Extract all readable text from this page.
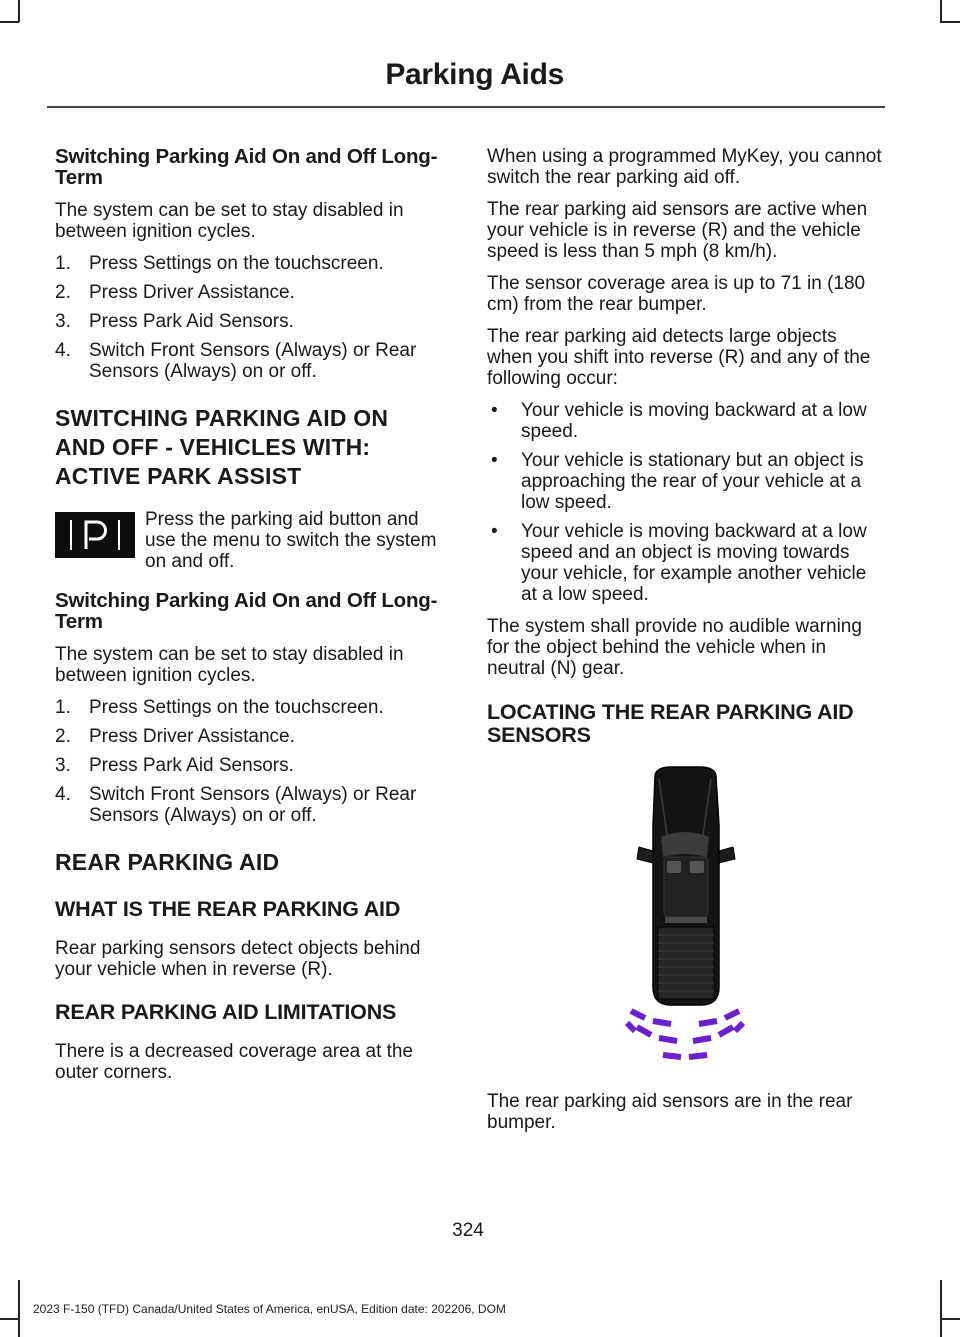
Parking Aids
Switching Parking Aid On and Off Long-Term

The system can be set to stay disabled in between ignition cycles.

1. Press Settings on the touchscreen.
2. Press Driver Assistance.
3. Press Park Aid Sensors.
4. Switch Front Sensors (Always) or Rear Sensors (Always) on or off.
SWITCHING PARKING AID ON
AND OFF - VEHICLES WITH:
ACTIVE PARK ASSIST

Press the parking aid button and use the menu to switch the system on and off.

Switching Parking Aid On and Off Long-Term

The system can be set to stay disabled in between ignition cycles.

1. Press Settings on the touchscreen.
2. Press Driver Assistance.
3. Press Park Aid Sensors.
4. Switch Front Sensors (Always) or Rear Sensors (Always) on or off.
REAR PARKING AID
WHAT IS THE REAR PARKING AID

Rear parking sensors detect objects behind your vehicle when in reverse (R).

REAR PARKING AID LIMITATIONS

There is a decreased coverage area at the outer corners.

When using a programmed MyKey, you cannot switch the rear parking aid off.

The rear parking aid sensors are active when your vehicle is in reverse (R) and the vehicle speed is less than 5 mph (8 km/h).

The sensor coverage area is up to 71 in (180 cm) from the rear bumper.

The rear parking aid detects large objects when you shift into reverse (R) and any of the following occur:

• Your vehicle is moving backward at a low speed.
• Your vehicle is stationary but an object is approaching the rear of your vehicle at a low speed.
• Your vehicle is moving backward at a low speed and an object is moving towards your vehicle, for example another vehicle at a low speed.

The system shall provide no audible warning for the object behind the vehicle when in neutral (N) gear.

LOCATING THE REAR PARKING AID SENSORS

The rear parking aid sensors are in the rear bumper.

324
2023 F-150 (TFD) Canada/United States of America, enUSA, Edition date: 202206, DOM
